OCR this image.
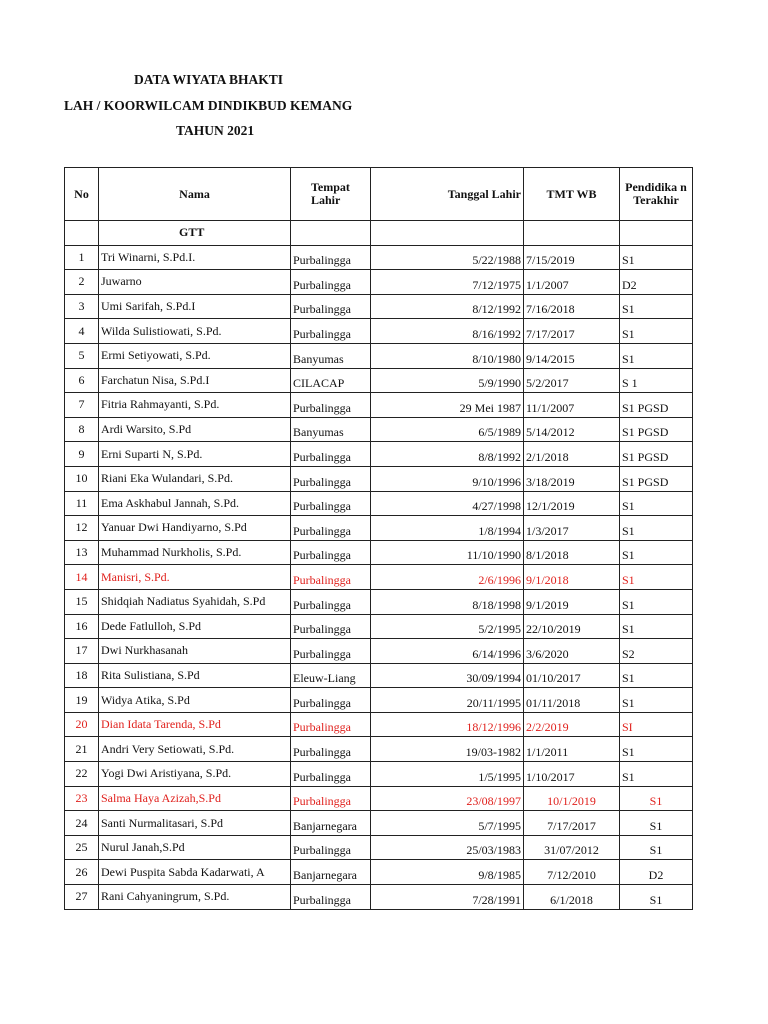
DATA WIYATA BHAKTI
LAH / KOORWILCAM DINDIKBUD KEMANG
TAHUN 2021
No	Nama	Tempat Lahir	Tanggal Lahir	TMT WB	Pendidika n Terakhir
	GTT				
1	Tri Winarni, S.Pd.I.	Purbalingga	5/22/1988	7/15/2019	S1
2	Juwarno	Purbalingga	7/12/1975	1/1/2007	D2
3	Umi Sarifah, S.Pd.I	Purbalingga	8/12/1992	7/16/2018	S1
4	Wilda Sulistiowati, S.Pd.	Purbalingga	8/16/1992	7/17/2017	S1
5	Ermi Setiyowati, S.Pd.	Banyumas	8/10/1980	9/14/2015	S1
6	Farchatun Nisa, S.Pd.I	CILACAP	5/9/1990	5/2/2017	S 1
7	Fitria Rahmayanti, S.Pd.	Purbalingga	29 Mei 1987	11/1/2007	S1 PGSD
8	Ardi Warsito, S.Pd	Banyumas	6/5/1989	5/14/2012	S1 PGSD
9	Erni Suparti N, S.Pd.	Purbalingga	8/8/1992	2/1/2018	S1 PGSD
10	Riani Eka Wulandari, S.Pd.	Purbalingga	9/10/1996	3/18/2019	S1 PGSD
11	Ema Askhabul Jannah, S.Pd.	Purbalingga	4/27/1998	12/1/2019	S1
12	Yanuar Dwi Handiyarno, S.Pd	Purbalingga	1/8/1994	1/3/2017	S1
13	Muhammad Nurkholis, S.Pd.	Purbalingga	11/10/1990	8/1/2018	S1
14	Manisri, S.Pd.	Purbalingga	2/6/1996	9/1/2018	S1
15	Shidqiah Nadiatus Syahidah, S.Pd	Purbalingga	8/18/1998	9/1/2019	S1
16	Dede Fatlulloh, S.Pd	Purbalingga	5/2/1995	22/10/2019	S1
17	Dwi Nurkhasanah	Purbalingga	6/14/1996	3/6/2020	S2
18	Rita Sulistiana, S.Pd	Eleuw-Liang	30/09/1994	01/10/2017	S1
19	Widya Atika, S.Pd	Purbalingga	20/11/1995	01/11/2018	S1
20	Dian Idata Tarenda, S.Pd	Purbalingga	18/12/1996	2/2/2019	SI
21	Andri Very Setiowati, S.Pd.	Purbalingga	19/03-1982	1/1/2011	S1
22	Yogi Dwi Aristiyana, S.Pd.	Purbalingga	1/5/1995	1/10/2017	S1
23	Salma Haya Azizah,S.Pd	Purbalingga	23/08/1997	10/1/2019	S1
24	Santi Nurmalitasari, S.Pd	Banjarnegara	5/7/1995	7/17/2017	S1
25	Nurul Janah,S.Pd	Purbalingga	25/03/1983	31/07/2012	S1
26	Dewi Puspita Sabda Kadarwati, A	Banjarnegara	9/8/1985	7/12/2010	D2
27	Rani Cahyaningrum, S.Pd.	Purbalingga	7/28/1991	6/1/2018	S1
